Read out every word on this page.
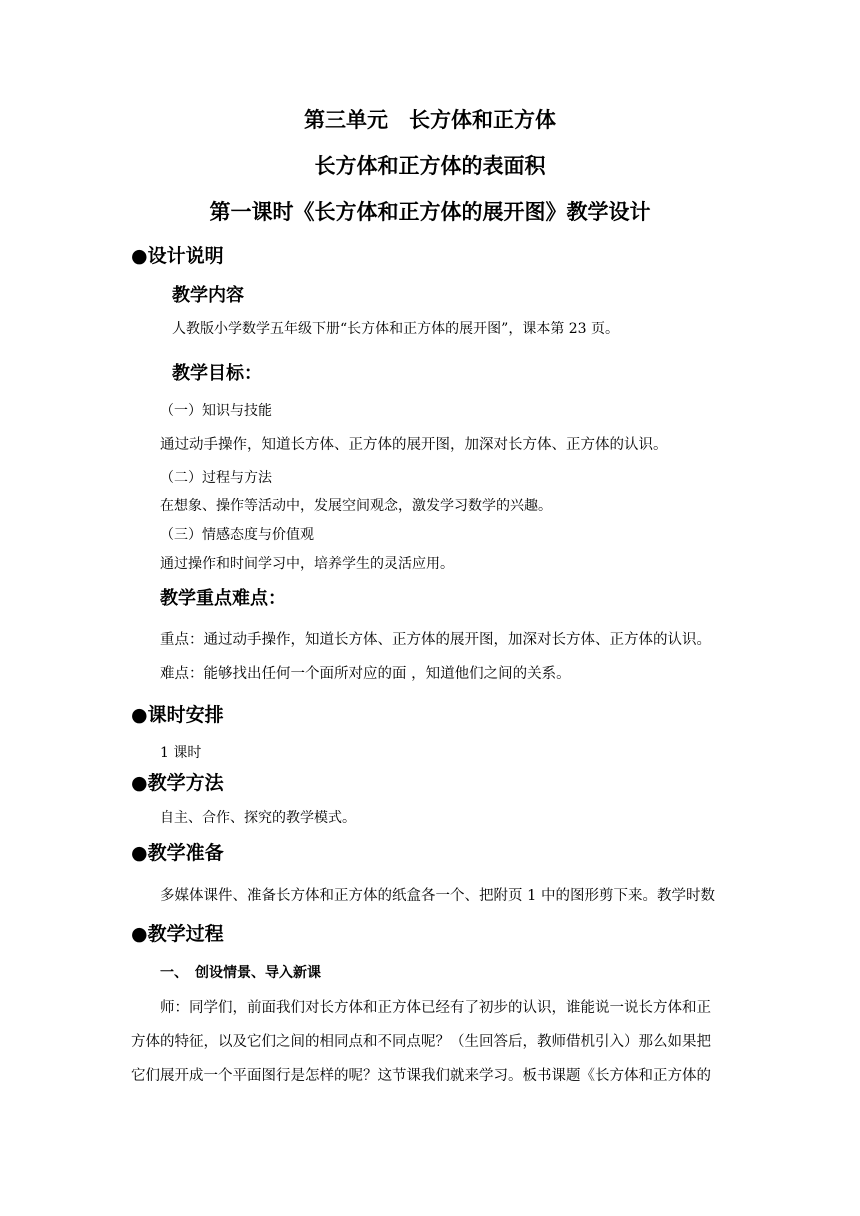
第三单元　长方体和正方体
长方体和正方体的表面积
第一课时《长方体和正方体的展开图》教学设计
●设计说明
教学内容
人教版小学数学五年级下册“长方体和正方体的展开图”，课本第 23 页。
教学目标：
（一）知识与技能
通过动手操作，知道长方体、正方体的展开图，加深对长方体、正方体的认识。
（二）过程与方法
在想象、操作等活动中，发展空间观念，激发学习数学的兴趣。
（三）情感态度与价值观
通过操作和时间学习中，培养学生的灵活应用。
教学重点难点：
重点：通过动手操作，知道长方体、正方体的展开图，加深对长方体、正方体的认识。
难点：能够找出任何一个面所对应的面 ，知道他们之间的关系。
●课时安排
1 课时
●教学方法
自主、合作、探究的教学模式。
●教学准备
多媒体课件、准备长方体和正方体的纸盒各一个、把附页 1 中的图形剪下来。教学时数
●教学过程
一、　创设情景、导入新课
师：同学们，前面我们对长方体和正方体已经有了初步的认识，谁能说一说长方体和正
方体的特征，以及它们之间的相同点和不同点呢？（生回答后，教师借机引入）那么如果把
它们展开成一个平面图行是怎样的呢？这节课我们就来学习。板书课题《长方体和正方体的
